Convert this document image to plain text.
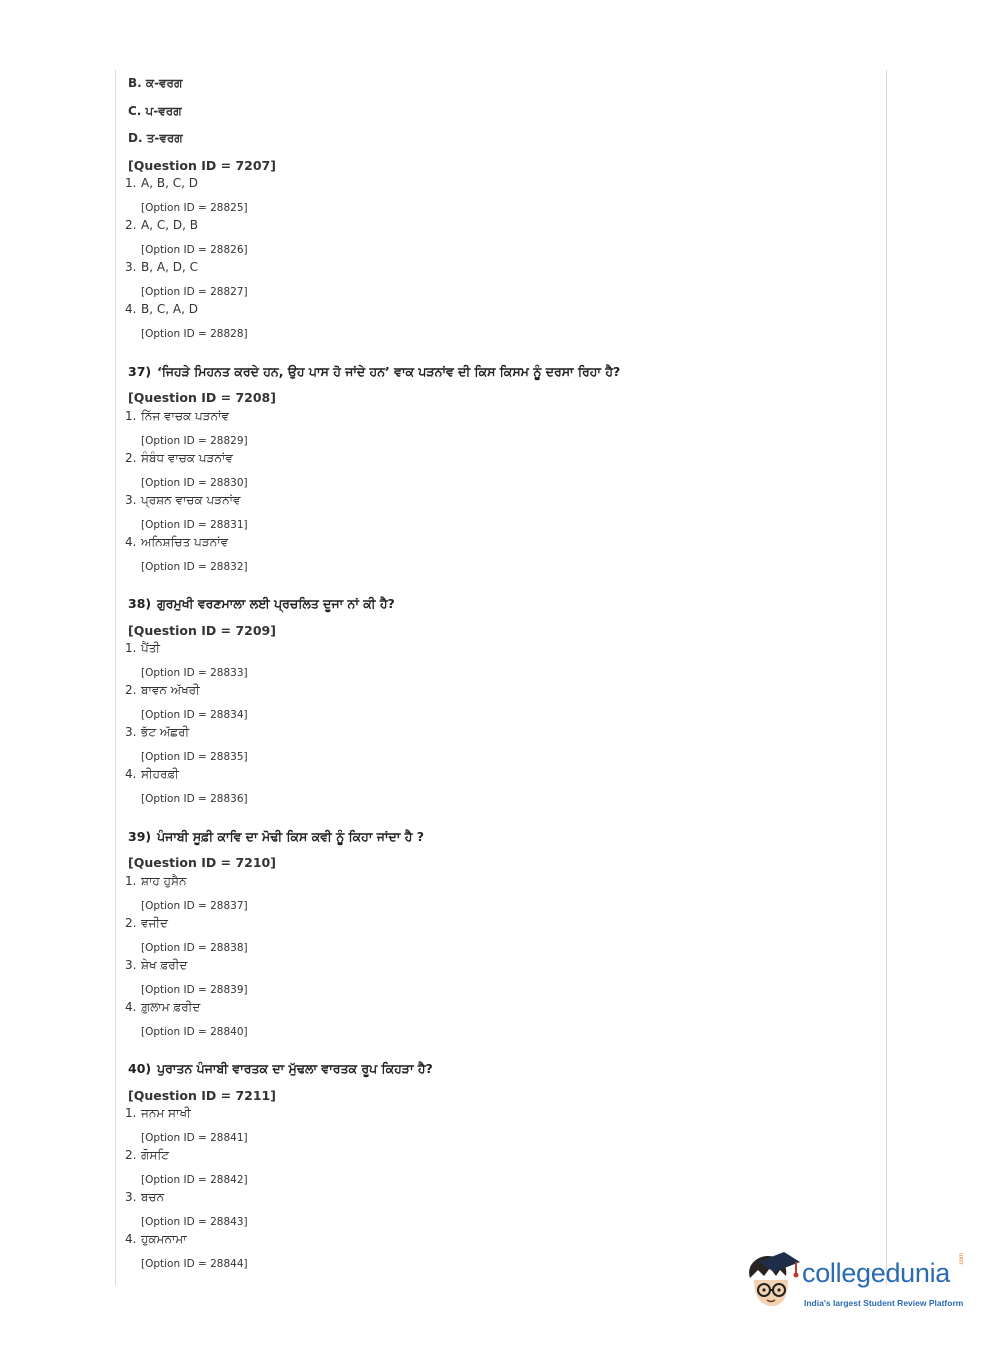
B. ਕ-ਵਰਗ
C. ਪ-ਵਰਗ
D. ਤ-ਵਰਗ
[Question ID = 7207]
1. A, B, C, D
[Option ID = 28825]
2. A, C, D, B
[Option ID = 28826]
3. B, A, D, C
[Option ID = 28827]
4. B, C, A, D
[Option ID = 28828]
37) ‘ਜਿਹੜੇ ਮਿਹਨਤ ਕਰਦੇ ਹਨ, ਉਹ ਪਾਸ ਹੋ ਜਾਂਦੇ ਹਨ’ ਵਾਕ ਪੜਨਾਂਵ ਦੀ ਕਿਸ ਕਿਸਮ ਨੂੰ ਦਰਸਾ ਰਿਹਾ ਹੈ?
[Question ID = 7208]
1. ਨਿੱਜ ਵਾਚਕ ਪੜਨਾਂਵ
[Option ID = 28829]
2. ਸੰਬੰਧ ਵਾਚਕ ਪੜਨਾਂਵ
[Option ID = 28830]
3. ਪ੍ਰਸ਼ਨ ਵਾਚਕ ਪੜਨਾਂਵ
[Option ID = 28831]
4. ਅਨਿਸ਼ਚਿਤ ਪੜਨਾਂਵ
[Option ID = 28832]
38) ਗੁਰਮੁਖੀ ਵਰਣਮਾਲਾ ਲਈ ਪ੍ਰਚਲਿਤ ਦੂਜਾ ਨਾਂ ਕੀ ਹੈ?
[Question ID = 7209]
1. ਪੈਂਤੀ
[Option ID = 28833]
2. ਬਾਵਨ ਅੱਖਰੀ
[Option ID = 28834]
3. ਭੱਟ ਅੱਛਰੀ
[Option ID = 28835]
4. ਸੀਹਰਫ਼ੀ
[Option ID = 28836]
39) ਪੰਜਾਬੀ ਸੂਫ਼ੀ ਕਾਵਿ ਦਾ ਮੋਢੀ ਕਿਸ ਕਵੀ ਨੂੰ ਕਿਹਾ ਜਾਂਦਾ ਹੈ ?
[Question ID = 7210]
1. ਸ਼ਾਹ ਹੁਸੈਨ
[Option ID = 28837]
2. ਵਜੀਦ
[Option ID = 28838]
3. ਸ਼ੇਖ ਫ਼ਰੀਦ
[Option ID = 28839]
4. ਗ਼ੁਲਾਮ ਫ਼ਰੀਦ
[Option ID = 28840]
40) ਪੁਰਾਤਨ ਪੰਜਾਬੀ ਵਾਰਤਕ ਦਾ ਮੁੱਢਲਾ ਵਾਰਤਕ ਰੂਪ ਕਿਹੜਾ ਹੈ?
[Question ID = 7211]
1. ਜਨਮ ਸਾਖੀ
[Option ID = 28841]
2. ਗੋਸਟਿ
[Option ID = 28842]
3. ਬਚਨ
[Option ID = 28843]
4. ਹੁਕਮਨਾਮਾ
[Option ID = 28844]	collegedunia .com
India's largest Student Review Platform
